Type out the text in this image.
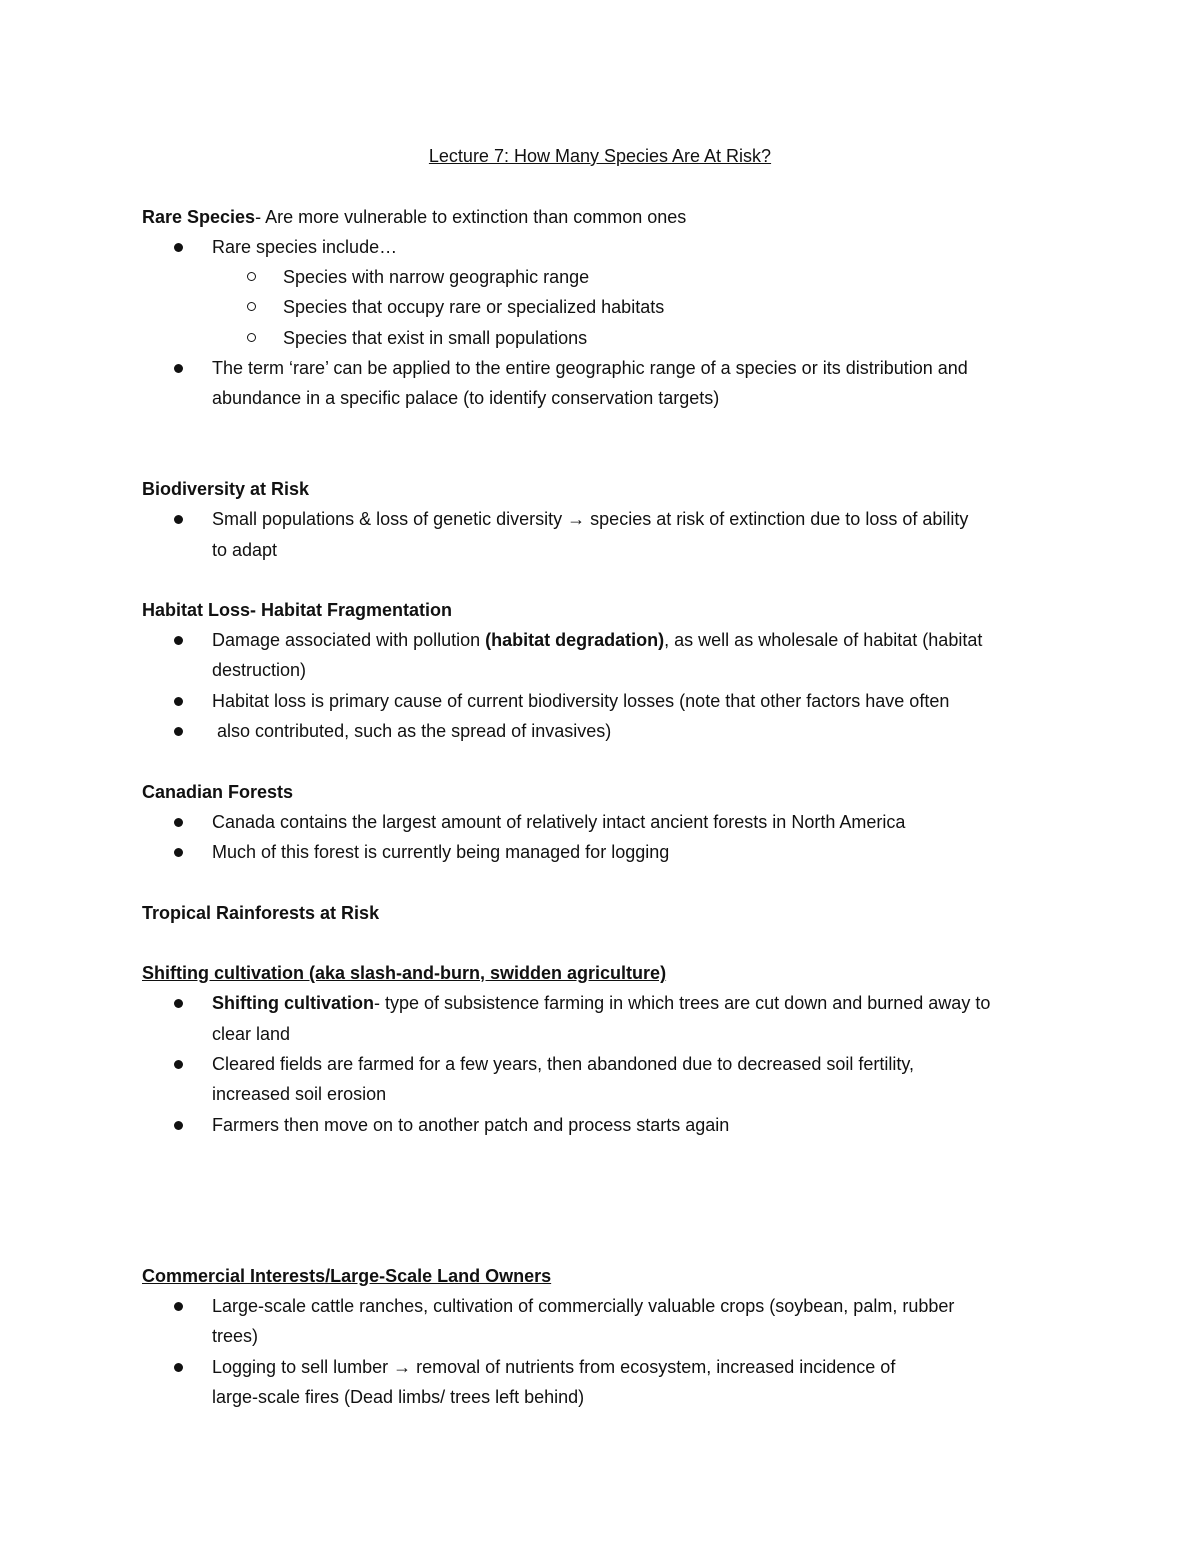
Lecture 7: How Many Species Are At Risk?
Rare Species- Are more vulnerable to extinction than common ones
Rare species include…
Species with narrow geographic range
Species that occupy rare or specialized habitats
Species that exist in small populations
The term ‘rare’ can be applied to the entire geographic range of a species or its distribution and
abundance in a specific palace (to identify conservation targets)
Biodiversity at Risk
Small populations & loss of genetic diversity → species at risk of extinction due to loss of ability
to adapt
Habitat Loss- Habitat Fragmentation
Damage associated with pollution (habitat degradation), as well as wholesale of habitat (habitat
destruction)
Habitat loss is primary cause of current biodiversity losses (note that other factors have often
also contributed, such as the spread of invasives)
Canadian Forests
Canada contains the largest amount of relatively intact ancient forests in North America
Much of this forest is currently being managed for logging
Tropical Rainforests at Risk
Shifting cultivation (aka slash-and-burn, swidden agriculture)
Shifting cultivation- type of subsistence farming in which trees are cut down and burned away to
clear land
Cleared fields are farmed for a few years, then abandoned due to decreased soil fertility,
increased soil erosion
Farmers then move on to another patch and process starts again
Commercial Interests/Large-Scale Land Owners
Large-scale cattle ranches, cultivation of commercially valuable crops (soybean, palm, rubber
trees)
Logging to sell lumber → removal of nutrients from ecosystem, increased incidence of
large-scale fires (Dead limbs/ trees left behind)
